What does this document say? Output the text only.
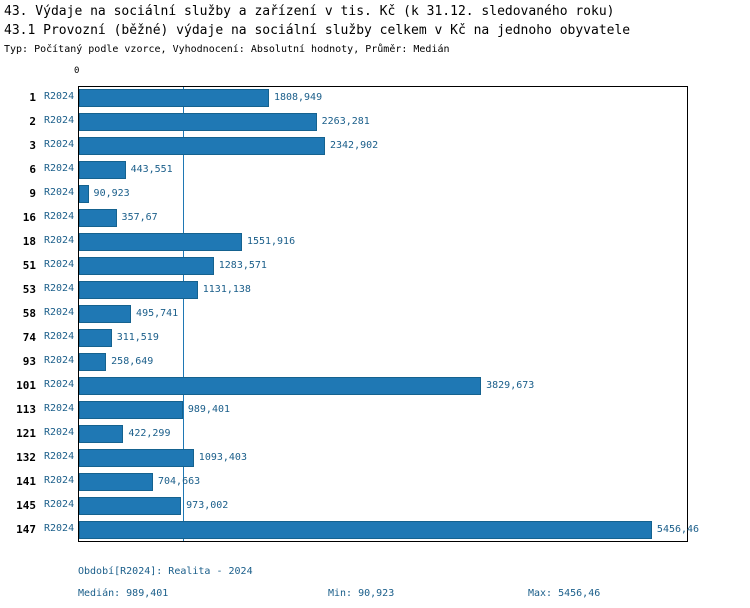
43. Výdaje na sociální služby a zařízení v tis. Kč (k 31.12. sledovaného roku)
43.1 Provozní (běžné) výdaje na sociální služby celkem v Kč na jednoho obyvatele
Typ: Počítaný podle vzorce, Vyhodnocení: Absolutní hodnoty, Průměr: Medián
0
1 R2024	1808,949
2 R2024	2263,281
3 R2024	2342,902
6 R2024	443,551
9 R2024 90,923
16 R2024	357,67
18 R2024	1551,916
51 R2024	1283,571
53 R2024	1131,138
58 R2024	495,741
74 R2024	311,519
93 R2024	258,649
101 R2024	3829,673
113 R2024	989,401
121 R2024	422,299
132 R2024	1093,403
141 R2024	704,663
145 R2024	973,002
147 R2024	5456,46
Období[R2024]: Realita - 2024
Medián: 989,401	Min: 90,923	Max: 5456,46
